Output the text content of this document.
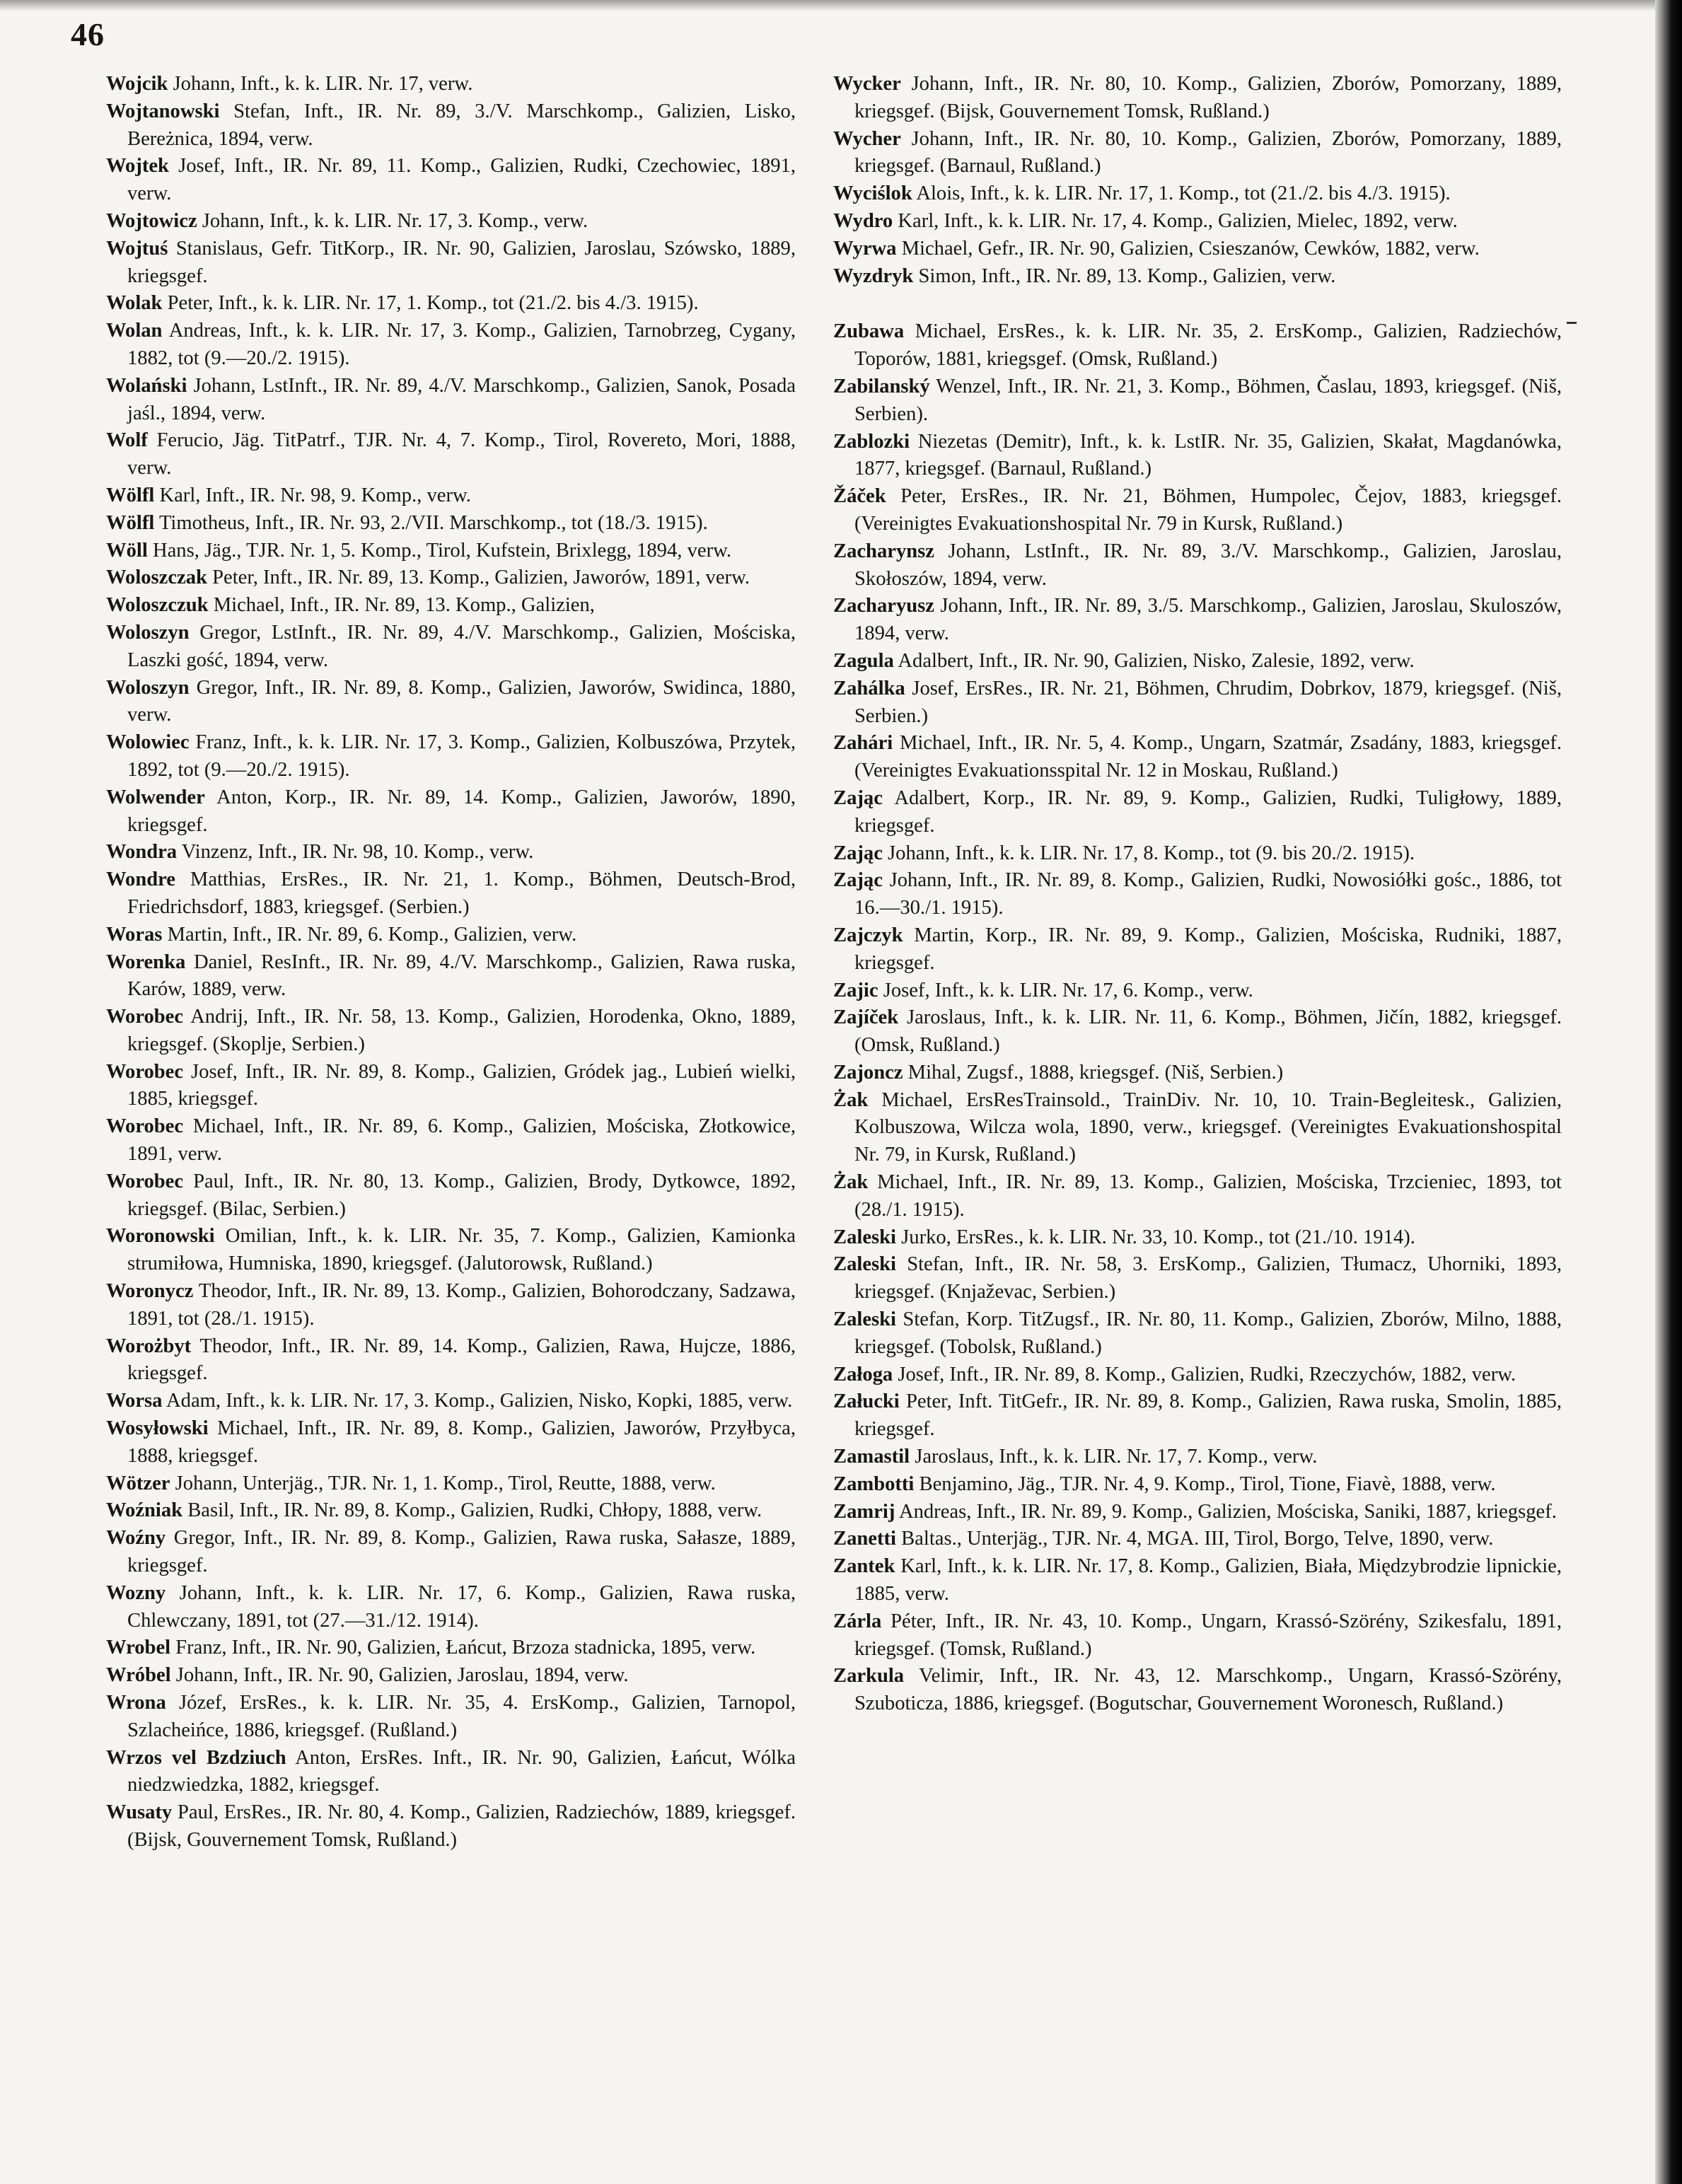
46
Wojcik Johann, Inft., k. k. LIR. Nr. 17, verw.
Wojtanowski Stefan, Inft., IR. Nr. 89, 3./V. Marschkomp., Galizien, Lisko, Bereżnica, 1894, verw.
Wojtek Josef, Inft., IR. Nr. 89, 11. Komp., Galizien, Rudki, Czechowiec, 1891, verw.
Wojtowicz Johann, Inft., k. k. LIR. Nr. 17, 3. Komp., verw.
Wojtuś Stanislaus, Gefr. TitKorp., IR. Nr. 90, Galizien, Jaroslau, Szówsko, 1889, kriegsgef.
Wolak Peter, Inft., k. k. LIR. Nr. 17, 1. Komp., tot (21./2. bis 4./3. 1915).
Wolan Andreas, Inft., k. k. LIR. Nr. 17, 3. Komp., Galizien, Tarnobrzeg, Cygany, 1882, tot (9.—20./2. 1915).
Wolański Johann, LstInft., IR. Nr. 89, 4./V. Marschkomp., Galizien, Sanok, Posada jaśl., 1894, verw.
Wolf Ferucio, Jäg. TitPatrf., TJR. Nr. 4, 7. Komp., Tirol, Rovereto, Mori, 1888, verw.
Wölfl Karl, Inft., IR. Nr. 98, 9. Komp., verw.
Wölfl Timotheus, Inft., IR. Nr. 93, 2./VII. Marschkomp., tot (18./3. 1915).
Wöll Hans, Jäg., TJR. Nr. 1, 5. Komp., Tirol, Kufstein, Brixlegg, 1894, verw.
Woloszczak Peter, Inft., IR. Nr. 89, 13. Komp., Galizien, Jaworów, 1891, verw.
Woloszczuk Michael, Inft., IR. Nr. 89, 13. Komp., Galizien,
Woloszyn Gregor, LstInft., IR. Nr. 89, 4./V. Marschkomp., Galizien, Mościska, Laszki gość, 1894, verw.
Woloszyn Gregor, Inft., IR. Nr. 89, 8. Komp., Galizien, Jaworów, Swidinca, 1880, verw.
Wolowiec Franz, Inft., k. k. LIR. Nr. 17, 3. Komp., Galizien, Kolbuszówa, Przytek, 1892, tot (9.—20./2. 1915).
Wolwender Anton, Korp., IR. Nr. 89, 14. Komp., Galizien, Jaworów, 1890, kriegsgef.
Wondra Vinzenz, Inft., IR. Nr. 98, 10. Komp., verw.
Wondre Matthias, ErsRes., IR. Nr. 21, 1. Komp., Böhmen, Deutsch-Brod, Friedrichsdorf, 1883, kriegsgef. (Serbien.)
Woras Martin, Inft., IR. Nr. 89, 6. Komp., Galizien, verw.
Worenka Daniel, ResInft., IR. Nr. 89, 4./V. Marschkomp., Galizien, Rawa ruska, Karów, 1889, verw.
Worobec Andrij, Inft., IR. Nr. 58, 13. Komp., Galizien, Horodenka, Okno, 1889, kriegsgef. (Skoplje, Serbien.)
Worobec Josef, Inft., IR. Nr. 89, 8. Komp., Galizien, Gródek jag., Lubień wielki, 1885, kriegsgef.
Worobec Michael, Inft., IR. Nr. 89, 6. Komp., Galizien, Mościska, Złotkowice, 1891, verw.
Worobec Paul, Inft., IR. Nr. 80, 13. Komp., Galizien, Brody, Dytkowce, 1892, kriegsgef. (Bilac, Serbien.)
Woronowski Omilian, Inft., k. k. LIR. Nr. 35, 7. Komp., Galizien, Kamionka strumiłowa, Humniska, 1890, kriegsgef. (Jalutorowsk, Rußland.)
Woronycz Theodor, Inft., IR. Nr. 89, 13. Komp., Galizien, Bohorodczany, Sadzawa, 1891, tot (28./1. 1915).
Worożbyt Theodor, Inft., IR. Nr. 89, 14. Komp., Galizien, Rawa, Hujcze, 1886, kriegsgef.
Worsa Adam, Inft., k. k. LIR. Nr. 17, 3. Komp., Galizien, Nisko, Kopki, 1885, verw.
Wosyłowski Michael, Inft., IR. Nr. 89, 8. Komp., Galizien, Jaworów, Przyłbyca, 1888, kriegsgef.
Wötzer Johann, Unterjäg., TJR. Nr. 1, 1. Komp., Tirol, Reutte, 1888, verw.
Woźniak Basil, Inft., IR. Nr. 89, 8. Komp., Galizien, Rudki, Chłopy, 1888, verw.
Woźny Gregor, Inft., IR. Nr. 89, 8. Komp., Galizien, Rawa ruska, Sałasze, 1889, kriegsgef.
Wozny Johann, Inft., k. k. LIR. Nr. 17, 6. Komp., Galizien, Rawa ruska, Chlewczany, 1891, tot (27.—31./12. 1914).
Wrobel Franz, Inft., IR. Nr. 90, Galizien, Łańcut, Brzoza stadnicka, 1895, verw.
Wróbel Johann, Inft., IR. Nr. 90, Galizien, Jaroslau, 1894, verw.
Wrona Józef, ErsRes., k. k. LIR. Nr. 35, 4. ErsKomp., Galizien, Tarnopol, Szlacheińce, 1886, kriegsgef. (Rußland.)
Wrzos vel Bzdziuch Anton, ErsRes. Inft., IR. Nr. 90, Galizien, Łańcut, Wólka niedzwiedzka, 1882, kriegsgef.
Wusaty Paul, ErsRes., IR. Nr. 80, 4. Komp., Galizien, Radziechów, 1889, kriegsgef. (Bijsk, Gouvernement Tomsk, Rußland.)
Wycker Johann, Inft., IR. Nr. 80, 10. Komp., Galizien, Zborów, Pomorzany, 1889, kriegsgef. (Bijsk, Gouvernement Tomsk, Rußland.)
Wycher Johann, Inft., IR. Nr. 80, 10. Komp., Galizien, Zborów, Pomorzany, 1889, kriegsgef. (Barnaul, Rußland.)
Wyciślok Alois, Inft., k. k. LIR. Nr. 17, 1. Komp., tot (21./2. bis 4./3. 1915).
Wydro Karl, Inft., k. k. LIR. Nr. 17, 4. Komp., Galizien, Mielec, 1892, verw.
Wyrwa Michael, Gefr., IR. Nr. 90, Galizien, Csieszanów, Cewków, 1882, verw.
Wyzdryk Simon, Inft., IR. Nr. 89, 13. Komp., Galizien, verw.
Zubawa Michael, ErsRes., k. k. LIR. Nr. 35, 2. ErsKomp., Galizien, Radziechów, Toporów, 1881, kriegsgef. (Omsk, Rußland.)
Zabilanský Wenzel, Inft., IR. Nr. 21, 3. Komp., Böhmen, Časlau, 1893, kriegsgef. (Niš, Serbien).
Zablozki Niezetas (Demitr), Inft., k. k. LstIR. Nr. 35, Galizien, Skałat, Magdanówka, 1877, kriegsgef. (Barnaul, Rußland.)
Žáček Peter, ErsRes., IR. Nr. 21, Böhmen, Humpolec, Čejov, 1883, kriegsgef. (Vereinigtes Evakuationshospital Nr. 79 in Kursk, Rußland.)
Zacharynsz Johann, LstInft., IR. Nr. 89, 3./V. Marschkomp., Galizien, Jaroslau, Skołoszów, 1894, verw.
Zacharyusz Johann, Inft., IR. Nr. 89, 3./5. Marschkomp., Galizien, Jaroslau, Skuloszów, 1894, verw.
Zagula Adalbert, Inft., IR. Nr. 90, Galizien, Nisko, Zalesie, 1892, verw.
Zahálka Josef, ErsRes., IR. Nr. 21, Böhmen, Chrudim, Dobrkov, 1879, kriegsgef. (Niš, Serbien.)
Zahári Michael, Inft., IR. Nr. 5, 4. Komp., Ungarn, Szatmár, Zsadány, 1883, kriegsgef. (Vereinigtes Evakuationsspital Nr. 12 in Moskau, Rußland.)
Zając Adalbert, Korp., IR. Nr. 89, 9. Komp., Galizien, Rudki, Tuligłowy, 1889, kriegsgef.
Zając Johann, Inft., k. k. LIR. Nr. 17, 8. Komp., tot (9. bis 20./2. 1915).
Zając Johann, Inft., IR. Nr. 89, 8. Komp., Galizien, Rudki, Nowosiółki gośc., 1886, tot 16.—30./1. 1915).
Zajczyk Martin, Korp., IR. Nr. 89, 9. Komp., Galizien, Mościska, Rudniki, 1887, kriegsgef.
Zajic Josef, Inft., k. k. LIR. Nr. 17, 6. Komp., verw.
Zajíček Jaroslaus, Inft., k. k. LIR. Nr. 11, 6. Komp., Böhmen, Jičín, 1882, kriegsgef. (Omsk, Rußland.)
Zajoncz Mihal, Zugsf., 1888, kriegsgef. (Niš, Serbien.)
Żak Michael, ErsResTrainsold., TrainDiv. Nr. 10, 10. Train-Begleitesk., Galizien, Kolbuszowa, Wilcza wola, 1890, verw., kriegsgef. (Vereinigtes Evakuationshospital Nr. 79, in Kursk, Rußland.)
Żak Michael, Inft., IR. Nr. 89, 13. Komp., Galizien, Mościska, Trzcieniec, 1893, tot (28./1. 1915).
Zaleski Jurko, ErsRes., k. k. LIR. Nr. 33, 10. Komp., tot (21./10. 1914).
Zaleski Stefan, Inft., IR. Nr. 58, 3. ErsKomp., Galizien, Tłumacz, Uhorniki, 1893, kriegsgef. (Knjaževac, Serbien.)
Zaleski Stefan, Korp. TitZugsf., IR. Nr. 80, 11. Komp., Galizien, Zborów, Milno, 1888, kriegsgef. (Tobolsk, Rußland.)
Załoga Josef, Inft., IR. Nr. 89, 8. Komp., Galizien, Rudki, Rzeczychów, 1882, verw.
Załucki Peter, Inft. TitGefr., IR. Nr. 89, 8. Komp., Galizien, Rawa ruska, Smolin, 1885, kriegsgef.
Zamastil Jaroslaus, Inft., k. k. LIR. Nr. 17, 7. Komp., verw.
Zambotti Benjamino, Jäg., TJR. Nr. 4, 9. Komp., Tirol, Tione, Fiavè, 1888, verw.
Zamrij Andreas, Inft., IR. Nr. 89, 9. Komp., Galizien, Mościska, Saniki, 1887, kriegsgef.
Zanetti Baltas., Unterjäg., TJR. Nr. 4, MGA. III, Tirol, Borgo, Telve, 1890, verw.
Zantek Karl, Inft., k. k. LIR. Nr. 17, 8. Komp., Galizien, Biała, Międzybrodzie lipnickie, 1885, verw.
Zárla Péter, Inft., IR. Nr. 43, 10. Komp., Ungarn, Krassó-Szörény, Szikesfalu, 1891, kriegsgef. (Tomsk, Rußland.)
Zarkula Velimir, Inft., IR. Nr. 43, 12. Marschkomp., Ungarn, Krassó-Szörény, Szuboticza, 1886, kriegsgef. (Bogutschar, Gouvernement Woronesch, Rußland.)
